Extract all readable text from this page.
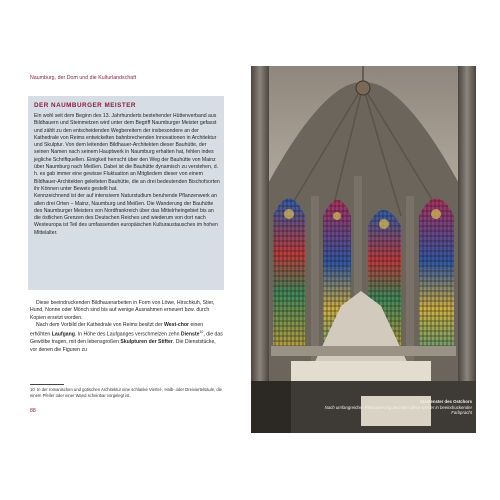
Naumburg, der Dom und die Kulturlandschaft
DER NAUMBURGER MEISTER

Ein wohl seit dem Beginn des 13. Jahrhunderts bestehender Hüttenverband aus Bildhauern und Steinmetzen wird unter dem Begriff Naumburger Meister gefasst und zählt zu den entscheidenden Wegbereitern der insbesondere an der Kathedrale von Reims entwickelten bahnbrechenden Innovationen in Architektur und Skulptur. Von dem leitenden Bildhauer-Architekten dieser Bauhütte, der seinen Namen nach seinem Hauptwerk in Naumburg erhalten hat, fehlen indes jegliche Schriftquellen. Einigkeit herrscht über den Weg der Bauhütte von Mainz über Naumburg nach Meißen. Dabei ist die Bauhütte dynamisch zu verstehen, d. h. es gab immer eine gewisse Fluktuation an Mitgliedern dieser von einem Bildhauer-Architekten geleiteten Bauhütte, die an drei bedeutenden Bischofsorten ihr Können unter Beweis gestellt hat.

Kennzeichnend ist der auf intensivem Naturstudium beruhende Pflanzenwerk an allen drei Orten – Mainz, Naumburg und Meißen. Die Wanderung der Bauhütte des Naumburger Meisters von Nordfrankreich über das Mittelrheingebiet bis an die östlichen Grenzen des Deutschen Reiches und wiederum von dort nach Westeuropa ist Teil des umfassenden europäischen Kulturaustausches im hohen Mittelalter.

Diese beeindruckenden Bildhauerarbeiten in Form von Löwe, Hirschkuh, Stier, Hund, Nonne oder Mönch sind bis auf wenige Ausnahmen erneuert bzw. durch Kopien ersetzt worden.

Nach dem Vorbild der Kathedrale von Reims besitzt der West-chor einen erhöhten Laufgang. In Höhe des Laufganges verschmelzen zehn Dienste$^{10}$, die das Gewölbe tragen, mit den lebensgroßen Skulpturen der Stifter. Die Dienststücke, vor denen die Figuren zu

10 In der romanischen und gotischen Architektur eine schlanke Viertel-, Halb- oder Dreiviertelsäule, die einem Pfeiler oder einer Wand scheinbar vorgelegt ist.
88
Glasfenster des Ostchors
Nach umfangreicher Restaurierung leuchten diese wieder in beeindruckender Farbpracht
